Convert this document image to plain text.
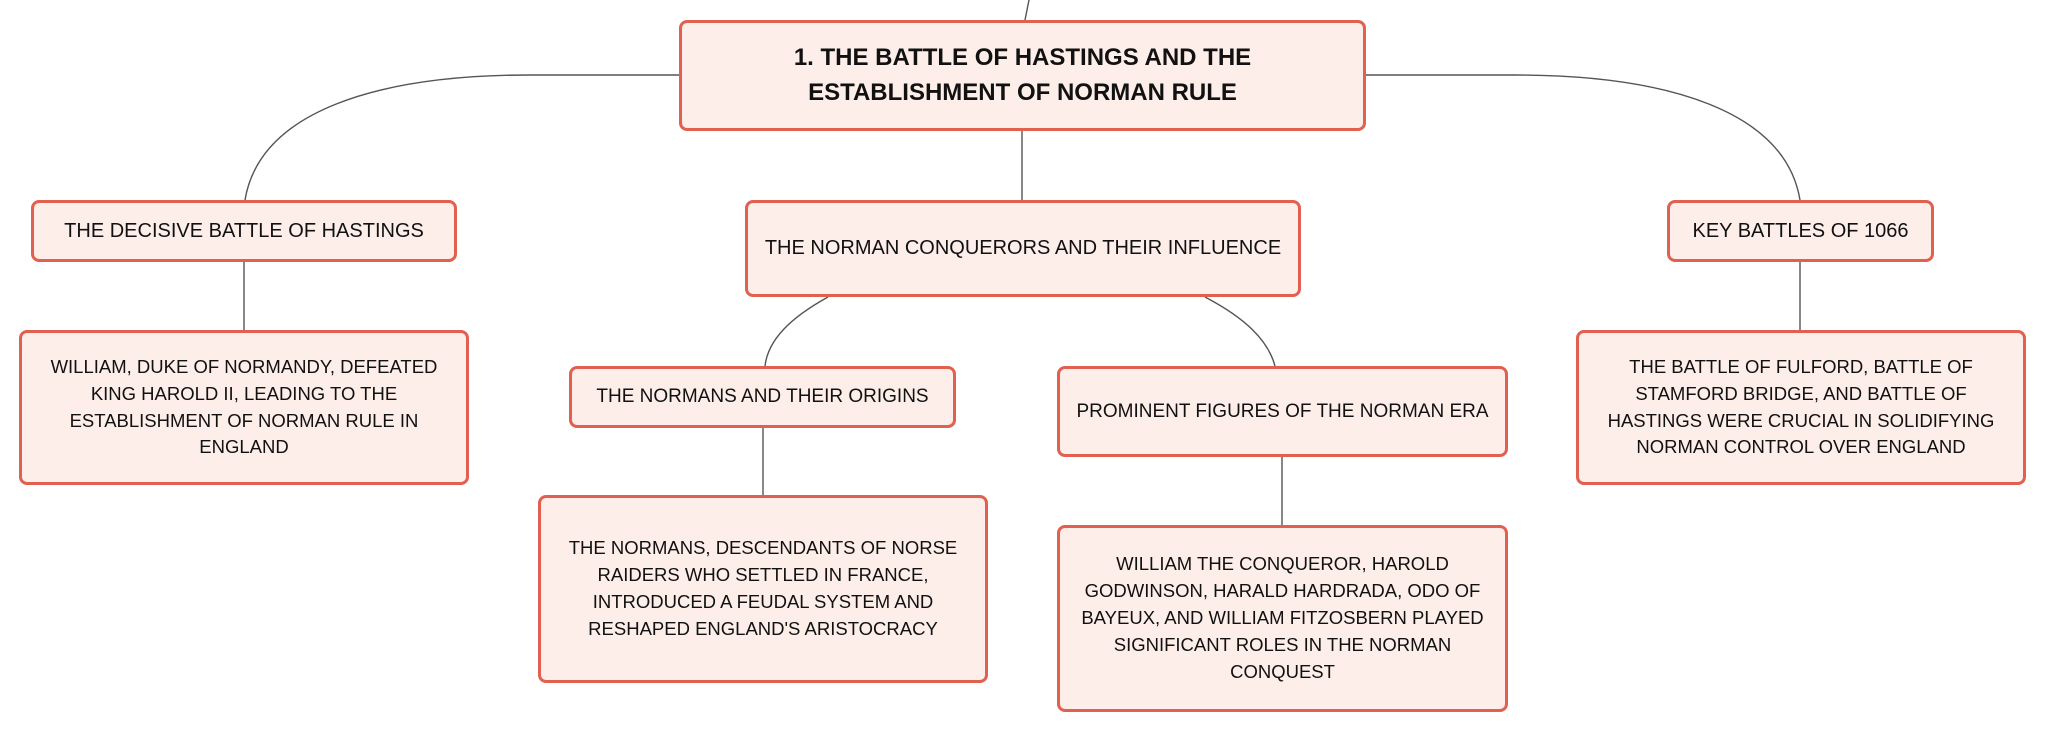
1. THE BATTLE OF HASTINGS AND THE ESTABLISHMENT OF NORMAN RULE
THE DECISIVE BATTLE OF HASTINGS
THE NORMAN CONQUERORS AND THEIR INFLUENCE
KEY BATTLES OF 1066
WILLIAM, DUKE OF NORMANDY, DEFEATED KING HAROLD II, LEADING TO THE ESTABLISHMENT OF NORMAN RULE IN ENGLAND
THE NORMANS AND THEIR ORIGINS
PROMINENT FIGURES OF THE NORMAN ERA
THE BATTLE OF FULFORD, BATTLE OF STAMFORD BRIDGE, AND BATTLE OF HASTINGS WERE CRUCIAL IN SOLIDIFYING NORMAN CONTROL OVER ENGLAND
THE NORMANS, DESCENDANTS OF NORSE RAIDERS WHO SETTLED IN FRANCE, INTRODUCED A FEUDAL SYSTEM AND RESHAPED ENGLAND'S ARISTOCRACY
WILLIAM THE CONQUEROR, HAROLD GODWINSON, HARALD HARDRADA, ODO OF BAYEUX, AND WILLIAM FITZOSBERN PLAYED SIGNIFICANT ROLES IN THE NORMAN CONQUEST
